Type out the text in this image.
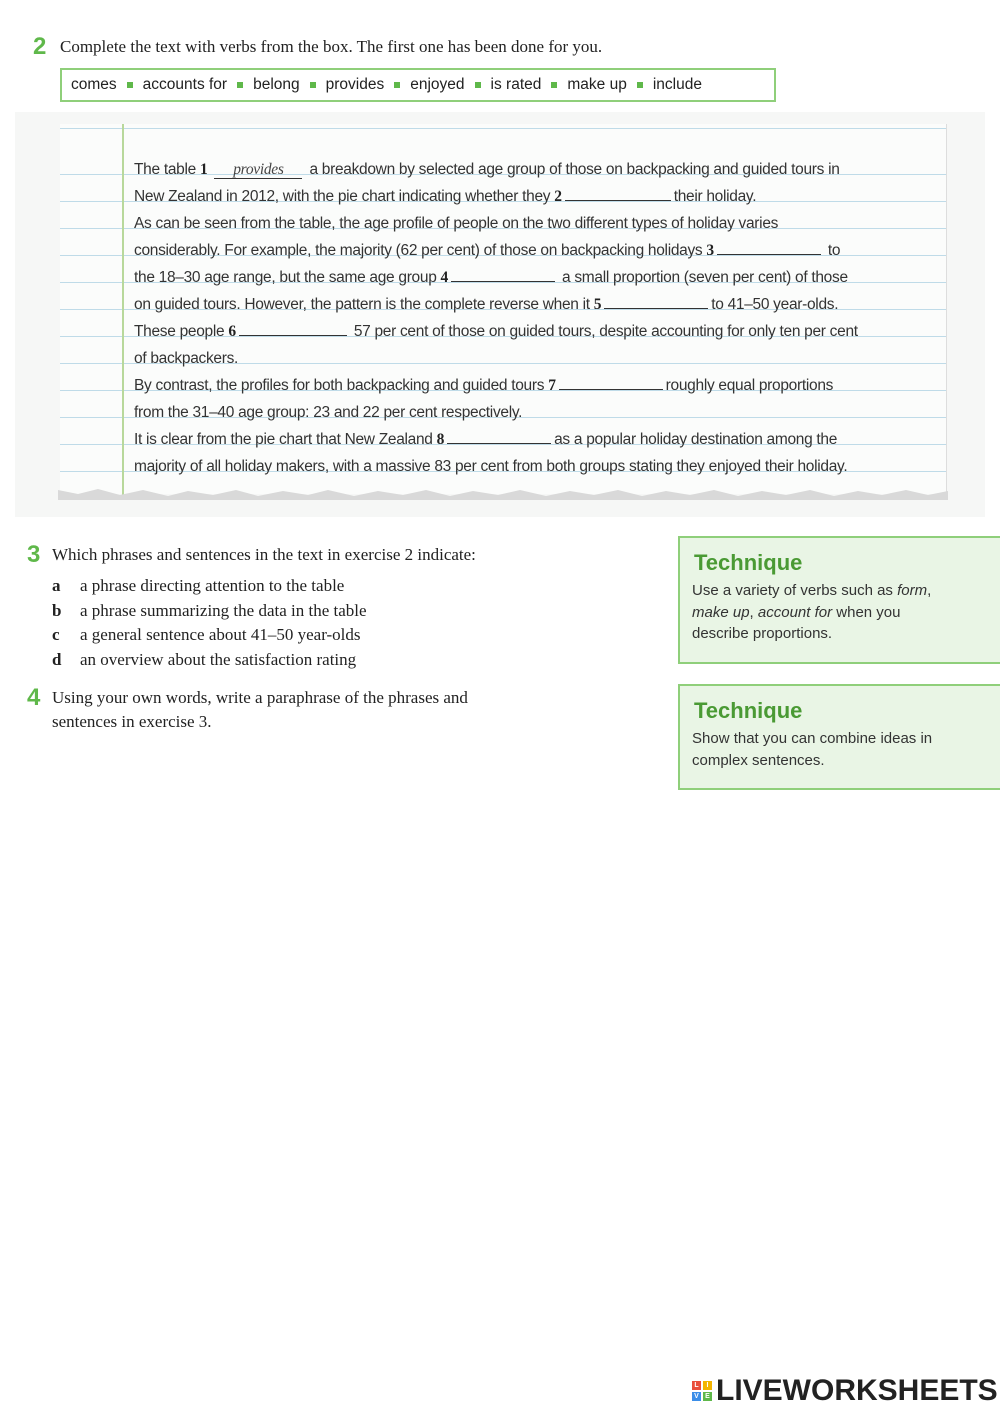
2 Complete the text with verbs from the box. The first one has been done for you.
comes accounts for belong provides enjoyed is rated make up include
The table 1 provides a breakdown by selected age group of those on backpacking and guided tours in
New Zealand in 2012, with the pie chart indicating whether they 2	their holiday.
As can be seen from the table, the age profile of people on the two different types of holiday varies
considerably. For example, the majority (62 per cent) of those on backpacking holidays 3	to
the 18–30 age range, but the same age group 4	a small proportion (seven per cent) of those
on guided tours. However, the pattern is the complete reverse when it 5	to 41–50 year-olds.
These people 6	57 per cent of those on guided tours, despite accounting for only ten per cent
of backpackers.
By contrast, the profiles for both backpacking and guided tours 7	roughly equal proportions
from the 31–40 age group: 23 and 22 per cent respectively.
It is clear from the pie chart that New Zealand 8	as a popular holiday destination among the
majority of all holiday makers, with a massive 83 per cent from both groups stating they enjoyed their holiday.
3 Which phrases and sentences in the text in exercise 2 indicate:
a	a phrase directing attention to the table
b	a phrase summarizing the data in the table
c	a general sentence about 41–50 year-olds
d	an overview about the satisfaction rating
4 Using your own words, write a paraphrase of the phrases and
sentences in exercise 3.
Technique
Use a variety of verbs such as form,
make up, account for when you
describe proportions.
Technique
Show that you can combine ideas in complex sentences.
L	I
V E LIVEWORKSHEETS
